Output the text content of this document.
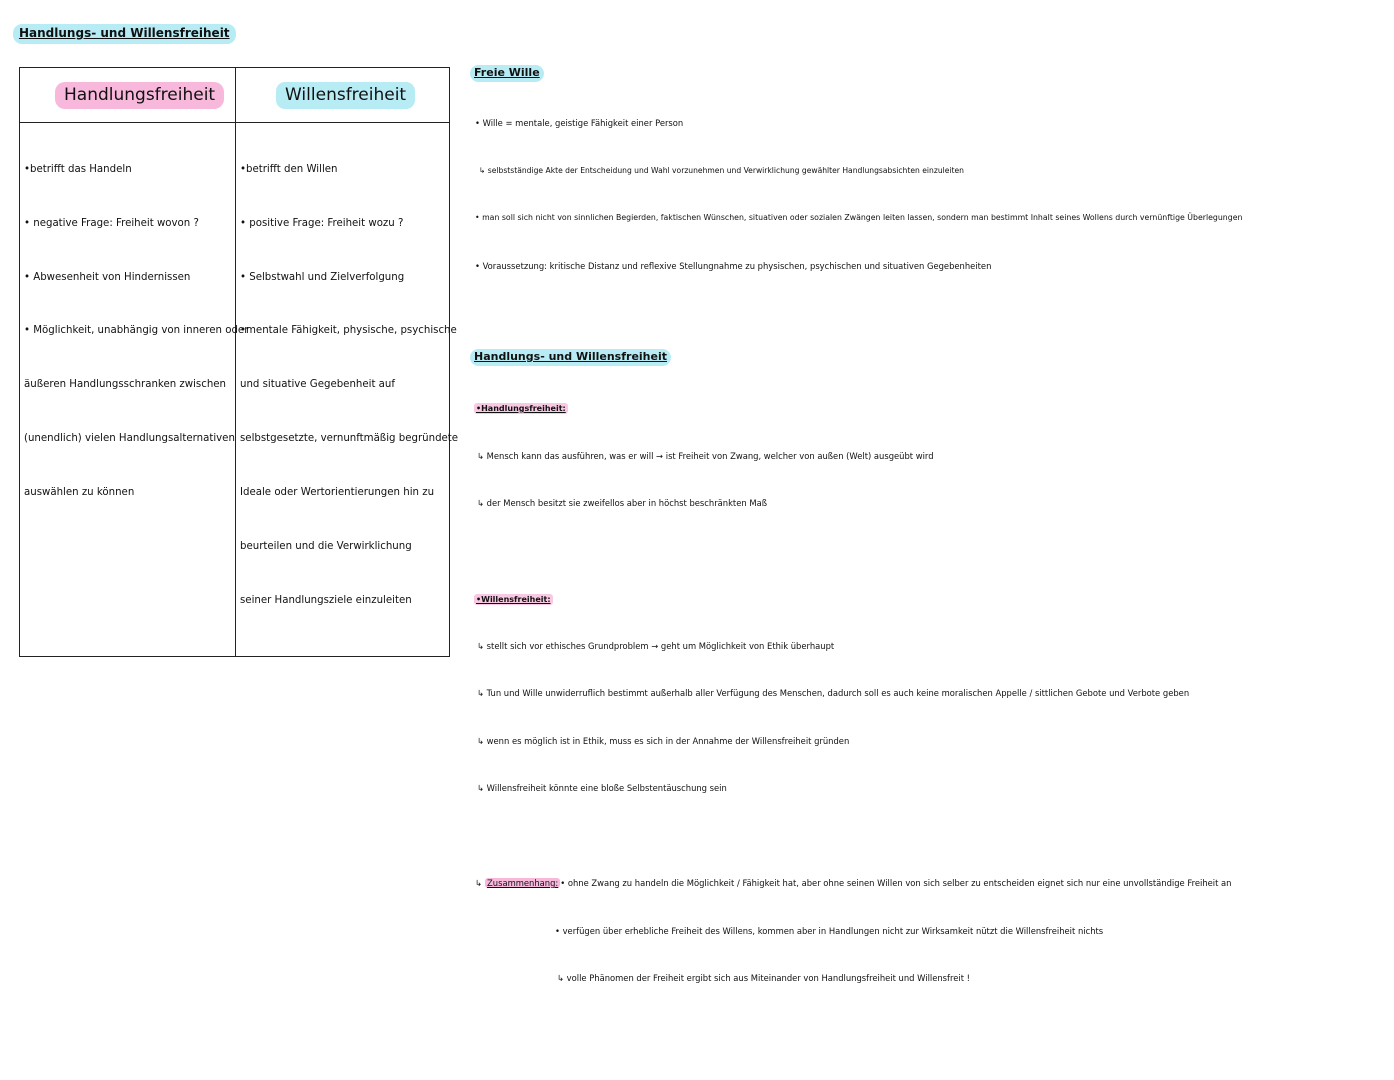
Handlungs- und Willensfreiheit
Handlungsfreiheit	Willensfreiheit
•betrifft das Handeln
• negative Frage: Freiheit wovon ?
• Abwesenheit von Hindernissen
• Möglichkeit, unabhängig von inneren oder
äußeren Handlungsschranken zwischen
(unendlich) vielen Handlungsalternativen
auswählen zu können
•betrifft den Willen
• positive Frage: Freiheit wozu ?
• Selbstwahl und Zielverfolgung
•mentale Fähigkeit, physische, psychische
und situative Gegebenheit auf
selbstgesetzte, vernunftmäßig begründete
Ideale oder Wertorientierungen hin zu
beurteilen und die Verwirklichung
seiner Handlungsziele einzuleiten
Freie Wille
• Wille = mentale, geistige Fähigkeit einer Person
↳ selbstständige Akte der Entscheidung und Wahl vorzunehmen und Verwirklichung gewählter Handlungsabsichten einzuleiten
• man soll sich nicht von sinnlichen Begierden, faktischen Wünschen, situativen oder sozialen Zwängen leiten lassen, sondern man bestimmt Inhalt seines Wollens durch vernünftige Überlegungen
• Voraussetzung: kritische Distanz und reflexive Stellungnahme zu physischen, psychischen und situativen Gegebenheiten
Handlungs- und Willensfreiheit
•Handlungsfreiheit:
↳ Mensch kann das ausführen, was er will → ist Freiheit von Zwang, welcher von außen (Welt) ausgeübt wird
↳ der Mensch besitzt sie zweifellos aber in höchst beschränkten Maß
•Willensfreiheit:
↳ stellt sich vor ethisches Grundproblem → geht um Möglichkeit von Ethik überhaupt
↳ Tun und Wille unwiderruflich bestimmt außerhalb aller Verfügung des Menschen, dadurch soll es auch keine moralischen Appelle / sittlichen Gebote und Verbote geben
↳ wenn es möglich ist in Ethik, muss es sich in der Annahme der Willensfreiheit gründen
↳ Willensfreiheit könnte eine bloße Selbstentäuschung sein
↳ Zusammenhang: • ohne Zwang zu handeln die Möglichkeit / Fähigkeit hat, aber ohne seinen Willen von sich selber zu entscheiden eignet sich nur eine unvollständige Freiheit an
• verfügen über erhebliche Freiheit des Willens, kommen aber in Handlungen nicht zur Wirksamkeit nützt die Willensfreiheit nichts
↳ volle Phänomen der Freiheit ergibt sich aus Miteinander von Handlungsfreiheit und Willensfreit !
